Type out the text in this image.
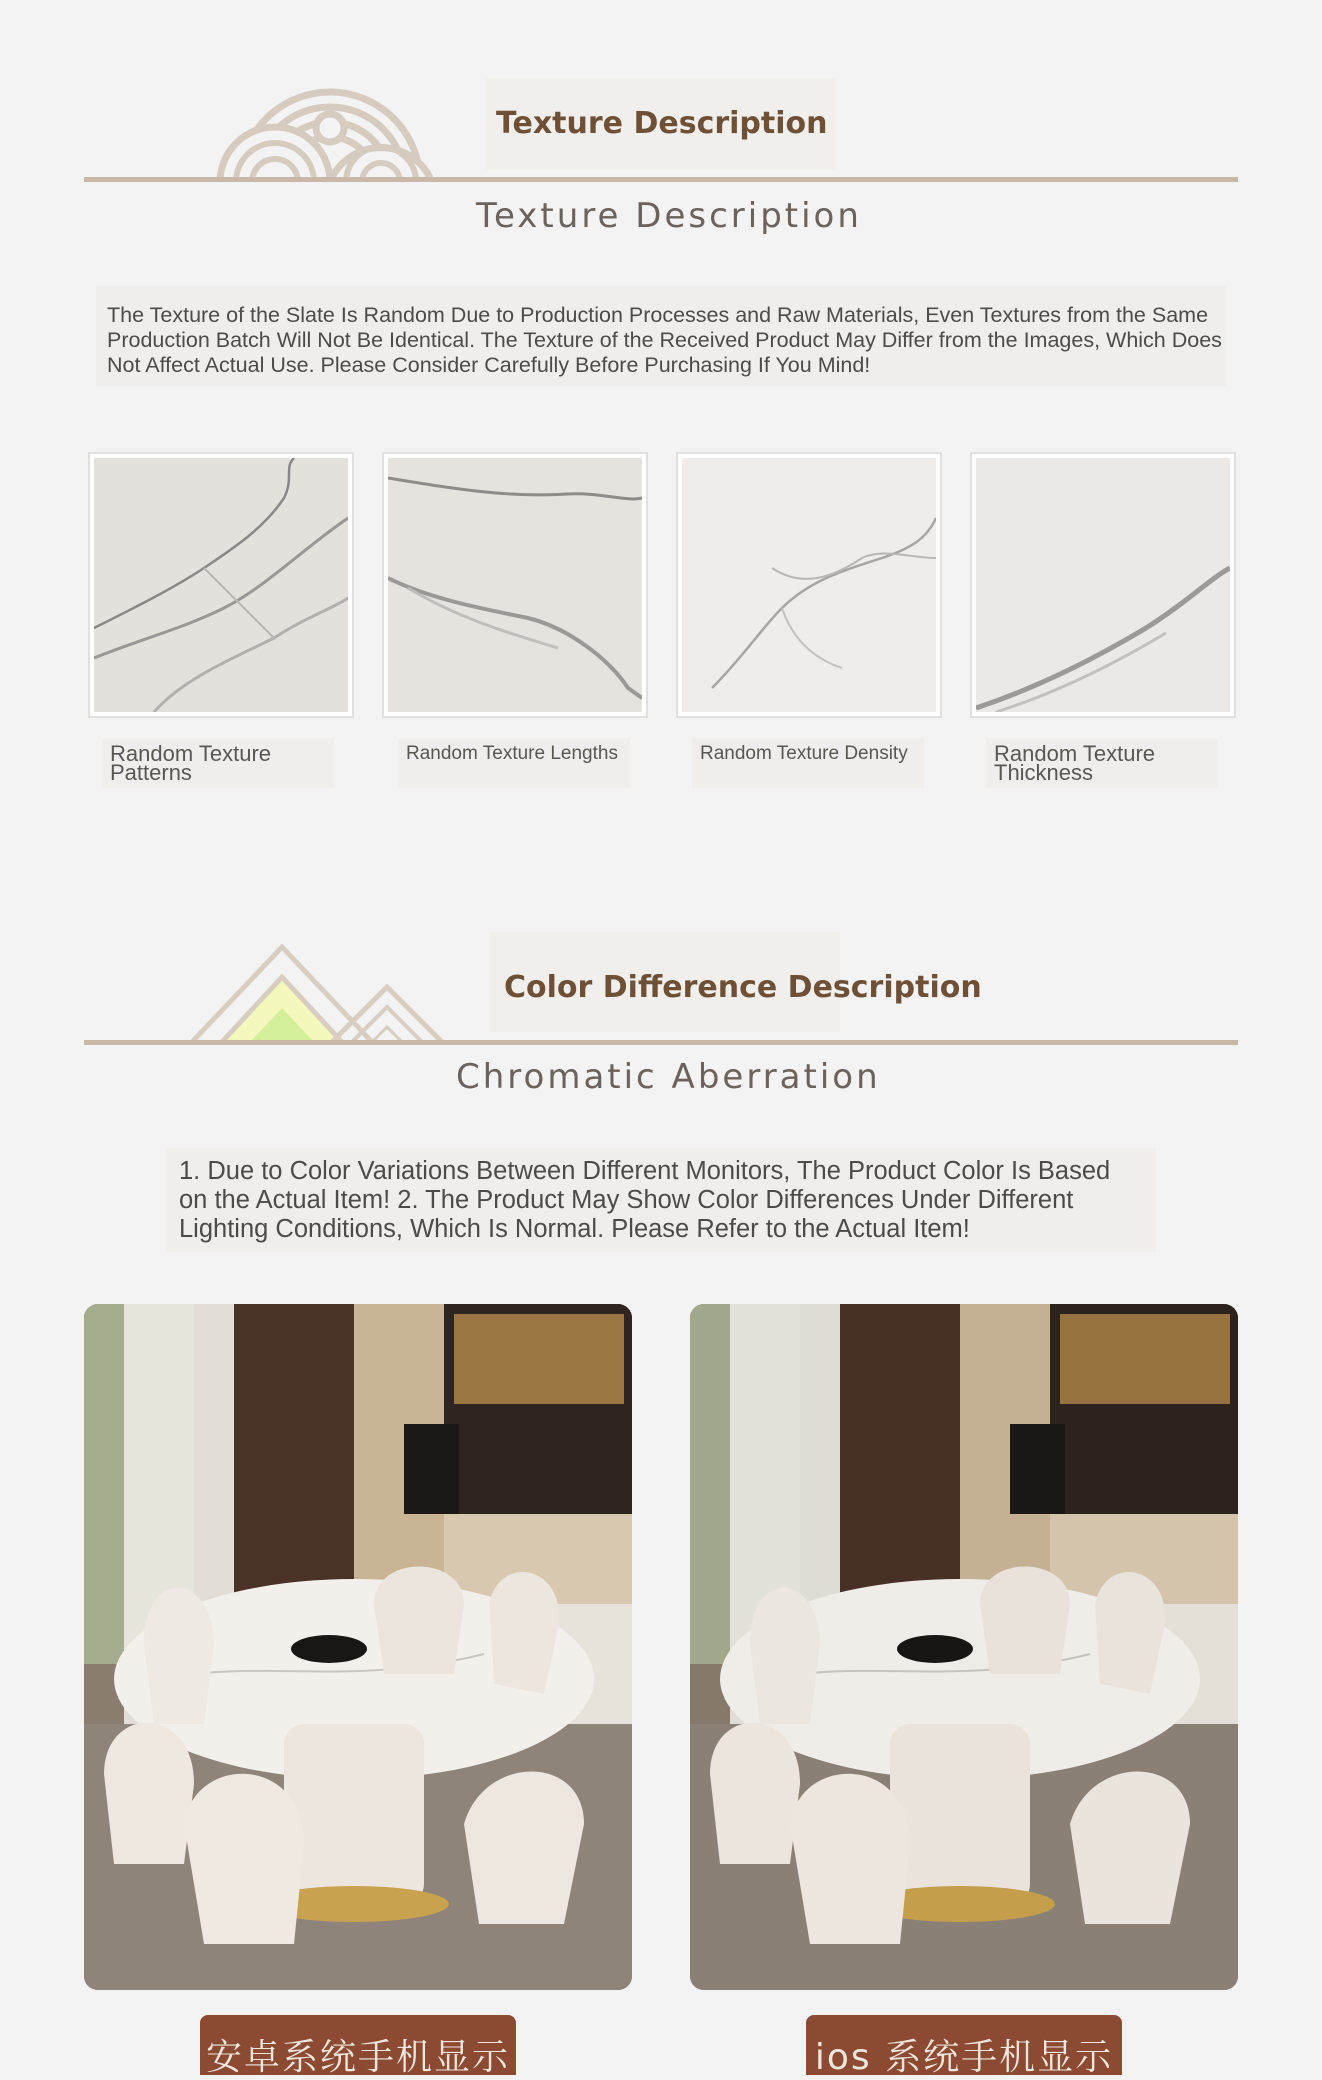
Texture Description
Texture Description
The Texture of the Slate Is Random Due to Production Processes and Raw Materials, Even Textures from the Same Production Batch Will Not Be Identical. The Texture of the Received Product May Differ from the Images, Which Does Not Affect Actual Use. Please Consider Carefully Before Purchasing If You Mind!
Random Texture Patterns
Random Texture Lengths	Random Texture Density	Random Texture Thickness
Color Difference Description
Chromatic Aberration
1. Due to Color Variations Between Different Monitors, The Product Color Is Based on the Actual Item! 2. The Product May Show Color Differences Under Different Lighting Conditions, Which Is Normal. Please Refer to the Actual Item!
安卓系统手机显示	ios 系统手机显示
